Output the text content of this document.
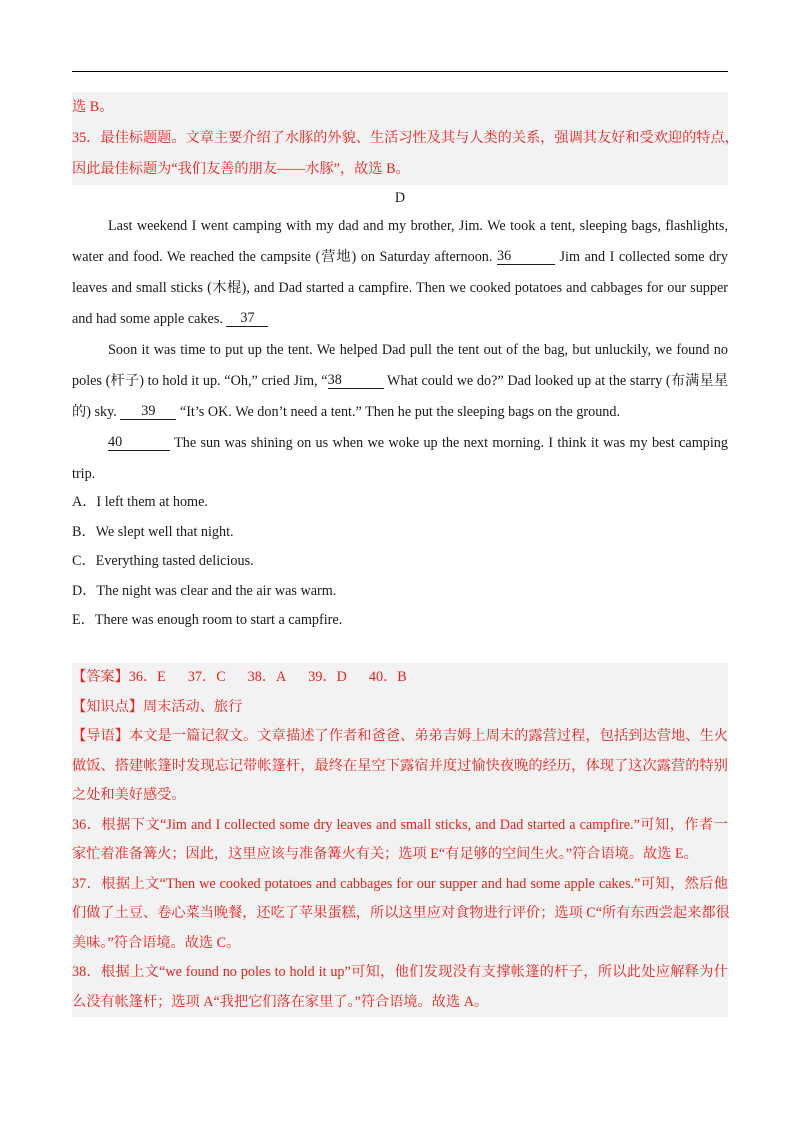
选 B。
35．最佳标题题。文章主要介绍了水豚的外貌、生活习性及其与人类的关系，强调其友好和受欢迎的特点，
因此最佳标题为“我们友善的朋友——水豚”，故选 B。
D
Last weekend I went camping with my dad and my brother, Jim. We took a tent, sleeping bags, flashlights,
water and food. We reached the campsite (营地) on Saturday afternoon. 36	Jim and I collected some dry
leaves and small sticks (木棍), and Dad started a campfire. Then we cooked potatoes and cabbages for our supper
and had some apple cakes. 37
Soon it was time to put up the tent. We helped Dad pull the tent out of the bag, but unluckily, we found no
poles (杆子) to hold it up. “Oh,” cried Jim, “38	What could we do?” Dad looked up at the starry (布满星星
的) sky. 39 “It’s OK. We don’t need a tent.” Then he put the sleeping bags on the ground.
40	The sun was shining on us when we woke up the next morning. I think it was my best camping
trip.
A．I left them at home.
B．We slept well that night.
C．Everything tasted delicious.
D．The night was clear and the air was warm.
E．There was enough room to start a campfire.
【答案】36．E 37．C 38．A 39．D 40．B
【知识点】周末活动、旅行
【导语】本文是一篇记叙文。文章描述了作者和爸爸、弟弟吉姆上周末的露营过程，包括到达营地、生火
做饭、搭建帐篷时发现忘记带帐篷杆，最终在星空下露宿并度过愉快夜晚的经历，体现了这次露营的特别
之处和美好感受。
36．根据下文“Jim and I collected some dry leaves and small sticks, and Dad started a campfire.”可知，作者一
家忙着准备篝火；因此，这里应该与准备篝火有关；选项 E“有足够的空间生火。”符合语境。故选 E。
37．根据上文“Then we cooked potatoes and cabbages for our supper and had some apple cakes.”可知，然后他
们做了土豆、卷心菜当晚餐，还吃了苹果蛋糕，所以这里应对食物进行评价；选项 C“所有东西尝起来都很
美味。”符合语境。故选 C。
38．根据上文“we found no poles to hold it up”可知，他们发现没有支撑帐篷的杆子，所以此处应解释为什
么没有帐篷杆；选项 A“我把它们落在家里了。”符合语境。故选 A。
